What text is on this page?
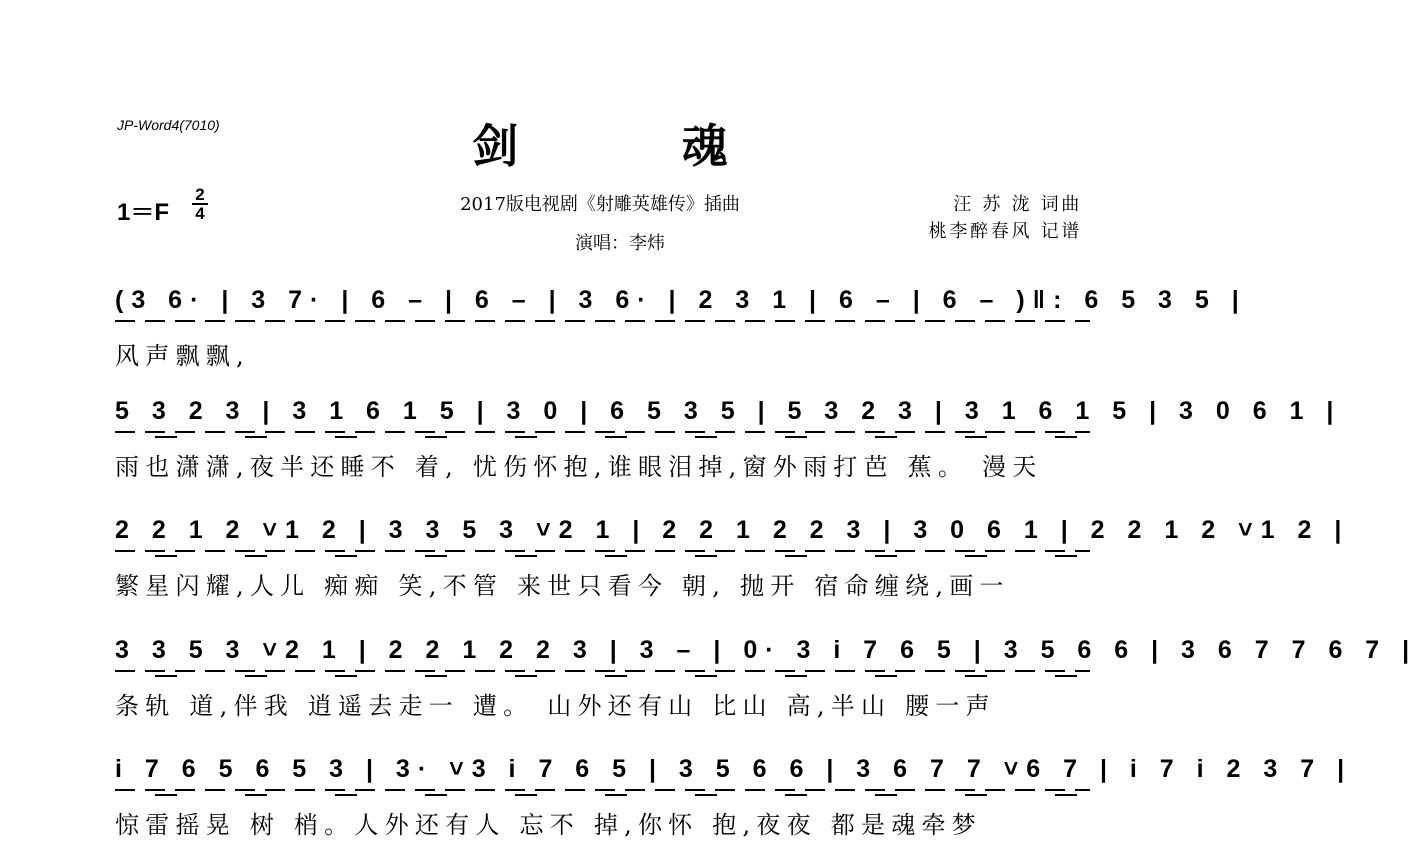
JP-Word4(7010)	剑 魂
1＝F
2
4	2017版电视剧《射雕英雄传》插曲
演唱：李炜
汪 苏 泷 词曲
桃李醉春风 记谱
(3 6· | 3 7· | 6 – | 6 – | 3 6· | 2 3 1 | 6 – | 6 – )‖: 6 5 3 5 |
风声飘飘,
5 3 2 3 | 3 1 6 1 5 | 3 0 | 6 5 3 5 | 5 3 2 3 | 3 1 6 1 5 | 3 0 6 1 |
雨也潇潇,夜半还睡不 着, 忧伤怀抱,谁眼泪掉,窗外雨打芭 蕉。 漫天
2 2 1 2 ˅1 2 | 3 3 5 3 ˅2 1 | 2 2 1 2 2 3 | 3 0 6 1 | 2 2 1 2 ˅1 2 |
繁星闪耀,人儿 痴痴 笑,不管 来世只看今 朝, 抛开 宿命缠绕,画一
3 3 5 3 ˅2 1 | 2 2 1 2 2 3 | 3 – | 0· 3 i 7 6 5 | 3 5 6 6 | 3 6 7 7 6 7 |
条轨 道,伴我 逍遥去走一 遭。 山外还有山 比山 高,半山 腰一声
i 7 6 5 6 5 3 | 3· ˅3 i 7 6 5 | 3 5 6 6 | 3 6 7 7 ˅6 7 | i 7 i 2 3 7 |
惊雷摇晃 树 梢。人外还有人 忘不 掉,你怀 抱,夜夜 都是魂牵梦
